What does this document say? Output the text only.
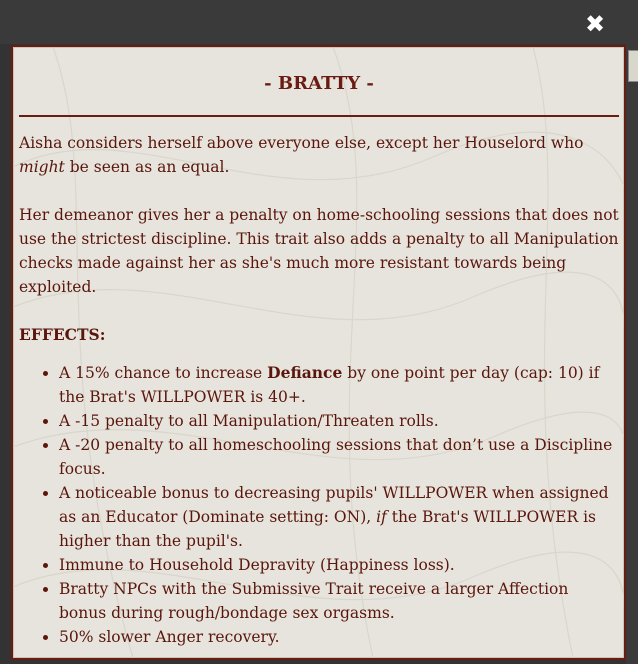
✖
- BRATTY -

Aisha considers herself above everyone else, except her Houselord who might be seen as an equal.

Her demeanor gives her a penalty on home-schooling sessions that does not use the strictest discipline. This trait also adds a penalty to all Manipulation checks made against her as she's much more resistant towards being exploited.

EFFECTS:
• A 15% chance to increase Defiance by one point per day (cap: 10) if the Brat's WILLPOWER is 40+.
• A -15 penalty to all Manipulation/Threaten rolls.
• A -20 penalty to all homeschooling sessions that don’t use a Discipline focus.
• A noticeable bonus to decreasing pupils' WILLPOWER when assigned as an Educator (Dominate setting: ON), if the Brat's WILLPOWER is higher than the pupil's.
• Immune to Household Depravity (Happiness loss).
• Bratty NPCs with the Submissive Trait receive a larger Affection bonus during rough/bondage sex orgasms.
• 50% slower Anger recovery.
